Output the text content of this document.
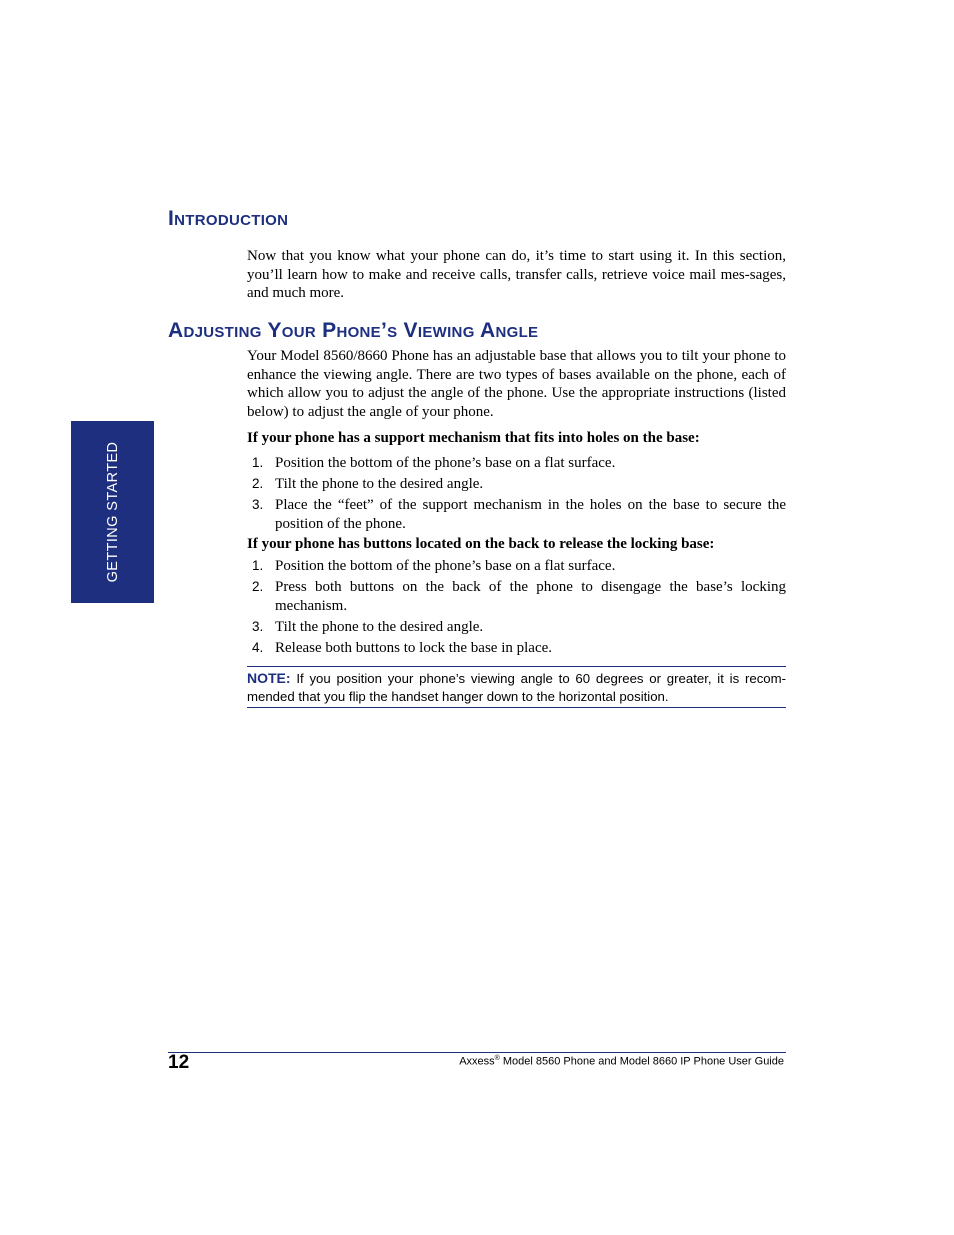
GETTING STARTED
Introduction

Now that you know what your phone can do, it’s time to start using it. In this section, you’ll learn how to make and receive calls, transfer calls, retrieve voice mail mes-sages, and much more.

Adjusting Your Phone’s Viewing Angle

Your Model 8560/8660 Phone has an adjustable base that allows you to tilt your phone to enhance the viewing angle. There are two types of bases available on the phone, each of which allow you to adjust the angle of the phone. Use the appropriate instructions (listed below) to adjust the angle of your phone.

If your phone has a support mechanism that fits into holes on the base:

1. Position the bottom of the phone’s base on a flat surface.
2. Tilt the phone to the desired angle.
3. Place the “feet” of the support mechanism in the holes on the base to secure the position of the phone.

If your phone has buttons located on the back to release the locking base:

1. Position the bottom of the phone’s base on a flat surface.
2. Press both buttons on the back of the phone to disengage the base’s locking mechanism.
3. Tilt the phone to the desired angle.
4. Release both buttons to lock the base in place.
NOTE: If you position your phone’s viewing angle to 60 degrees or greater, it is recom-mended that you flip the handset hanger down to the horizontal position.
12	Axxess® Model 8560 Phone and Model 8660 IP Phone User Guide
